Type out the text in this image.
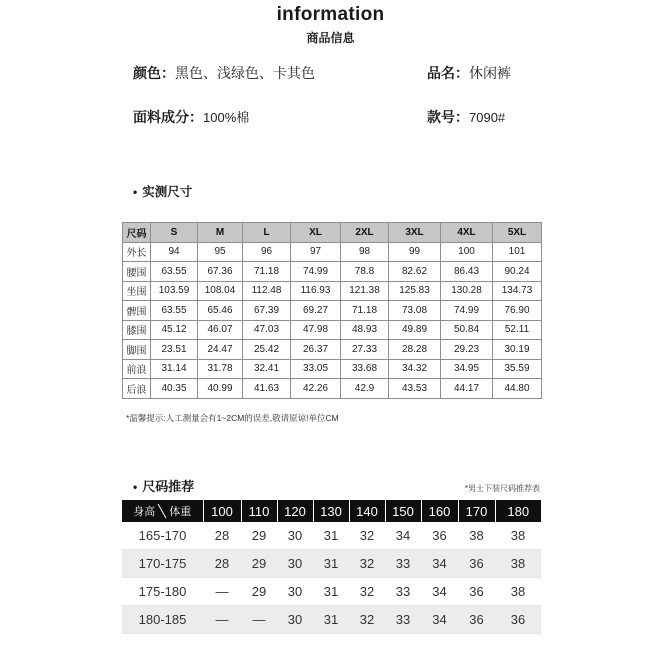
information
商品信息
颜色：黑色、浅绿色、卡其色	品名：休闲裤
面料成分：100%棉	款号：7090#
• 实测尺寸
尺码	S	M	L	XL	2XL	3XL	4XL	5XL
外长	94	95	96	97	98	99	100	101
腰围	63.55	67.36	71.18	74.99	78.8	82.62	86.43	90.24
坐围	103.59	108.04	112.48	116.93	121.38	125.83	130.28	134.73
髀围	63.55	65.46	67.39	69.27	71.18	73.08	74.99	76.90
膝围	45.12	46.07	47.03	47.98	48.93	49.89	50.84	52.11
脚围	23.51	24.47	25.42	26.37	27.33	28.28	29.23	30.19
前浪	31.14	31.78	32.41	33.05	33.68	34.32	34.95	35.59
后浪	40.35	40.99	41.63	42.26	42.9	43.53	44.17	44.80
*温馨提示:人工测量会有1~2CM的误差,敬请原谅!单位CM
• 尺码推荐	*男士下装尺码推荐表
身高 体重	100	110	120	130	140	150	160	170	180
165-170	28	29	30	31	32	34	36	38	38
170-175	28	29	30	31	32	33	34	36	38
175-180	—	29	30	31	32	33	34	36	38
180-185	—	—	30	31	32	33	34	36	36
